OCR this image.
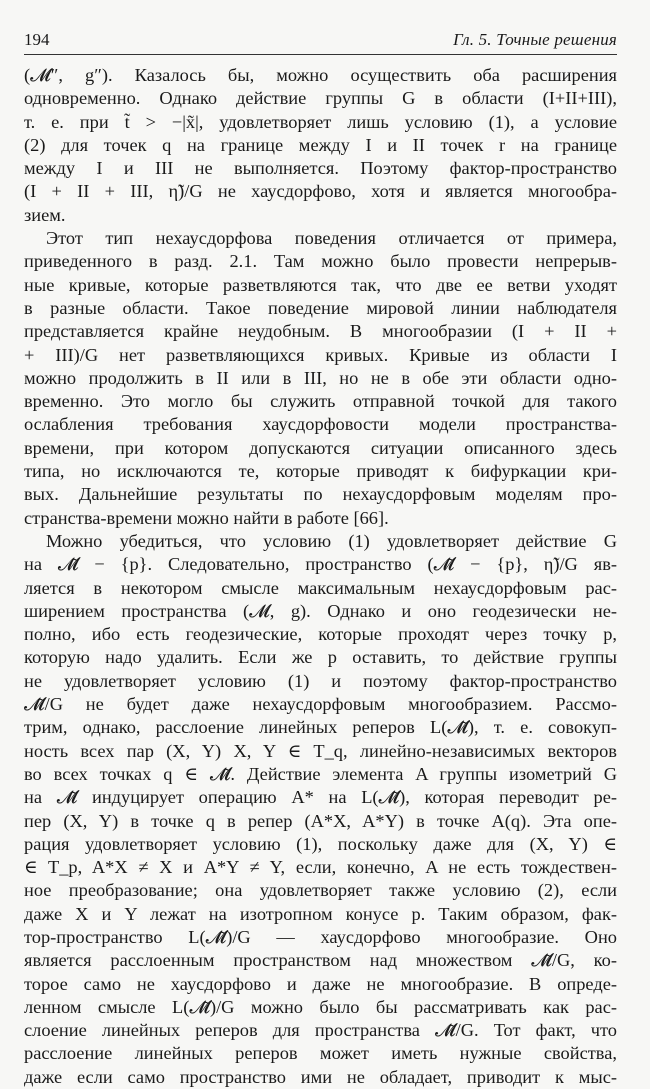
194	Гл. 5. Точные решения
(𝓜″, g″). Казалось бы, можно осуществить оба расширения
одновременно. Однако действие группы G в области (I+II+III),
т. е. при t̃ > −|x̃|, удовлетворяет лишь условию (1), а условие
(2) для точек q на границе между I и II точек r на границе
между I и III не выполняется. Поэтому фактор-пространство
(I + II + III, η̃)/G не хаусдорфово, хотя и является многообра-
зием.
Этот тип нехаусдорфова поведения отличается от примера,
приведенного в разд. 2.1. Там можно было провести непрерыв-
ные кривые, которые разветвляются так, что две ее ветви уходят
в разные области. Такое поведение мировой линии наблюдателя
представляется крайне неудобным. В многообразии (I + II +
+ III)/G нет разветвляющихся кривых. Кривые из области I
можно продолжить в II или в III, но не в обе эти области одно-
временно. Это могло бы служить отправной точкой для такого
ослабления требования хаусдорфовости модели пространства-
времени, при котором допускаются ситуации описанного здесь
типа, но исключаются те, которые приводят к бифуркации кри-
вых. Дальнейшие результаты по нехаусдорфовым моделям про-
странства-времени можно найти в работе [66].
Можно убедиться, что условию (1) удовлетворяет действие G
на 𝓜̃ − {p}. Следовательно, пространство (𝓜̃ − {p}, η̃)/G яв-
ляется в некотором смысле максимальным нехаусдорфовым рас-
ширением пространства (𝓜, g). Однако и оно геодезически не-
полно, ибо есть геодезические, которые проходят через точку p,
которую надо удалить. Если же p оставить, то действие группы
не удовлетворяет условию (1) и поэтому фактор-пространство
𝓜̃/G не будет даже нехаусдорфовым многообразием. Рассмо-
трим, однако, расслоение линейных реперов L(𝓜̃), т. е. совокуп-
ность всех пар (X, Y) X, Y ∈ T_q, линейно-независимых векторов
во всех точках q ∈ 𝓜̃. Действие элемента A группы изометрий G
на 𝓜̃ индуцирует операцию A* на L(𝓜̃), которая переводит ре-
пер (X, Y) в точке q в репер (A*X, A*Y) в точке A(q). Эта опе-
рация удовлетворяет условию (1), поскольку даже для (X, Y) ∈
∈ T_p, A*X ≠ X и A*Y ≠ Y, если, конечно, A не есть тождествен-
ное преобразование; она удовлетворяет также условию (2), если
даже X и Y лежат на изотропном конусе p. Таким образом, фак-
тор-пространство L(𝓜̃)/G — хаусдорфово многообразие. Оно
является расслоенным пространством над множеством 𝓜̃/G, ко-
торое само не хаусдорфово и даже не многообразие. В опреде-
ленном смысле L(𝓜̃)/G можно было бы рассматривать как рас-
слоение линейных реперов для пространства 𝓜̃/G. Тот факт, что
расслоение линейных реперов может иметь нужные свойства,
даже если само пространство ими не обладает, приводит к мыс-
